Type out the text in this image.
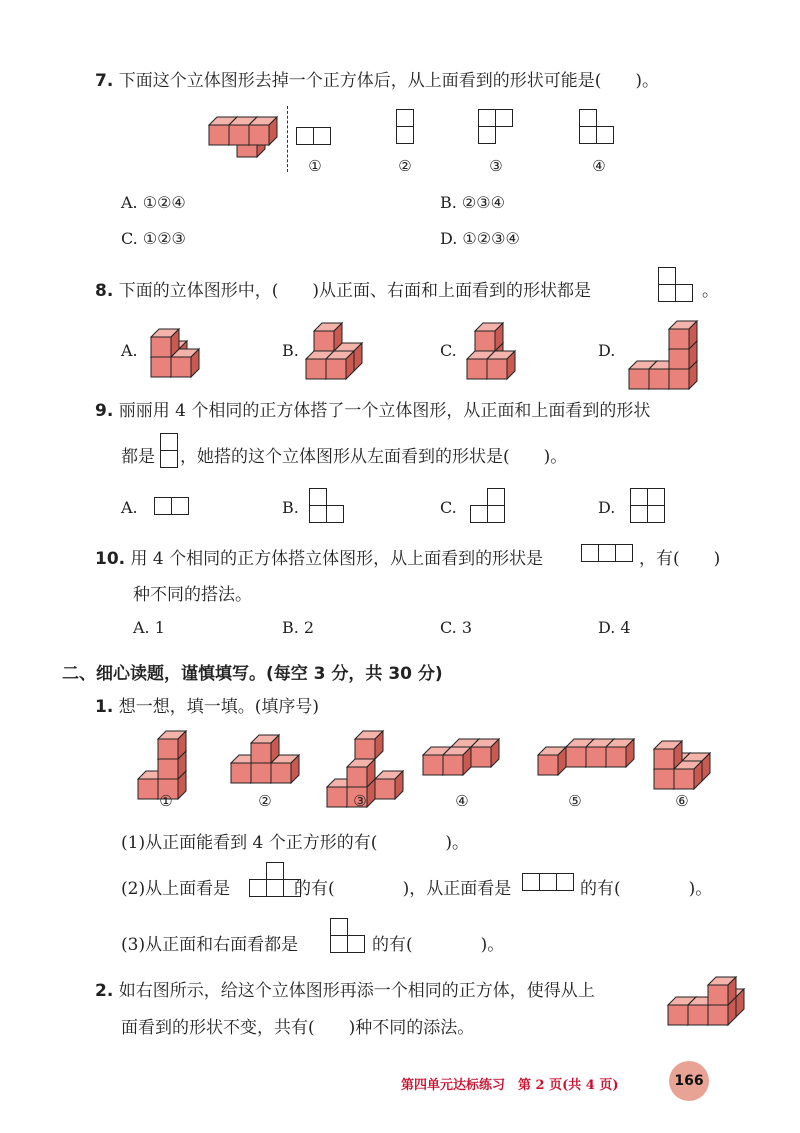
7. 下面这个立体图形去掉一个正方体后，从上面看到的形状可能是(　　)。
①	②	③	④
A. ①②④	B. ②③④
C. ①②③	D. ①②③④
8. 下面的立体图形中，(　　)从正面、右面和上面看到的形状都是	。
A.	B.	C.	D.
9. 丽丽用 4 个相同的正方体搭了一个立体图形，从正面和上面看到的形状
都是 ，她搭的这个立体图形从左面看到的形状是(　　)。
A.	B.	C.	D.
10. 用 4 个相同的正方体搭立体图形，从上面看到的形状是	，有(　　)
种不同的搭法。
A. 1	B. 2	C. 3	D. 4
二、细心读题，谨慎填写。(每空 3 分，共 30 分)
1. 想一想，填一填。(填序号)
①	②	③	④	⑤	⑥
(1)从正面能看到 4 个正方形的有(　　　　)。
(2)从上面看是	的有(　　　　)，从正面看是	的有(　　　　)。
(3)从正面和右面看都是	的有(　　　　)。
2. 如右图所示，给这个立体图形再添一个相同的正方体，使得从上
面看到的形状不变，共有(　　)种不同的添法。
第四单元达标练习　第 2 页(共 4 页)	166
